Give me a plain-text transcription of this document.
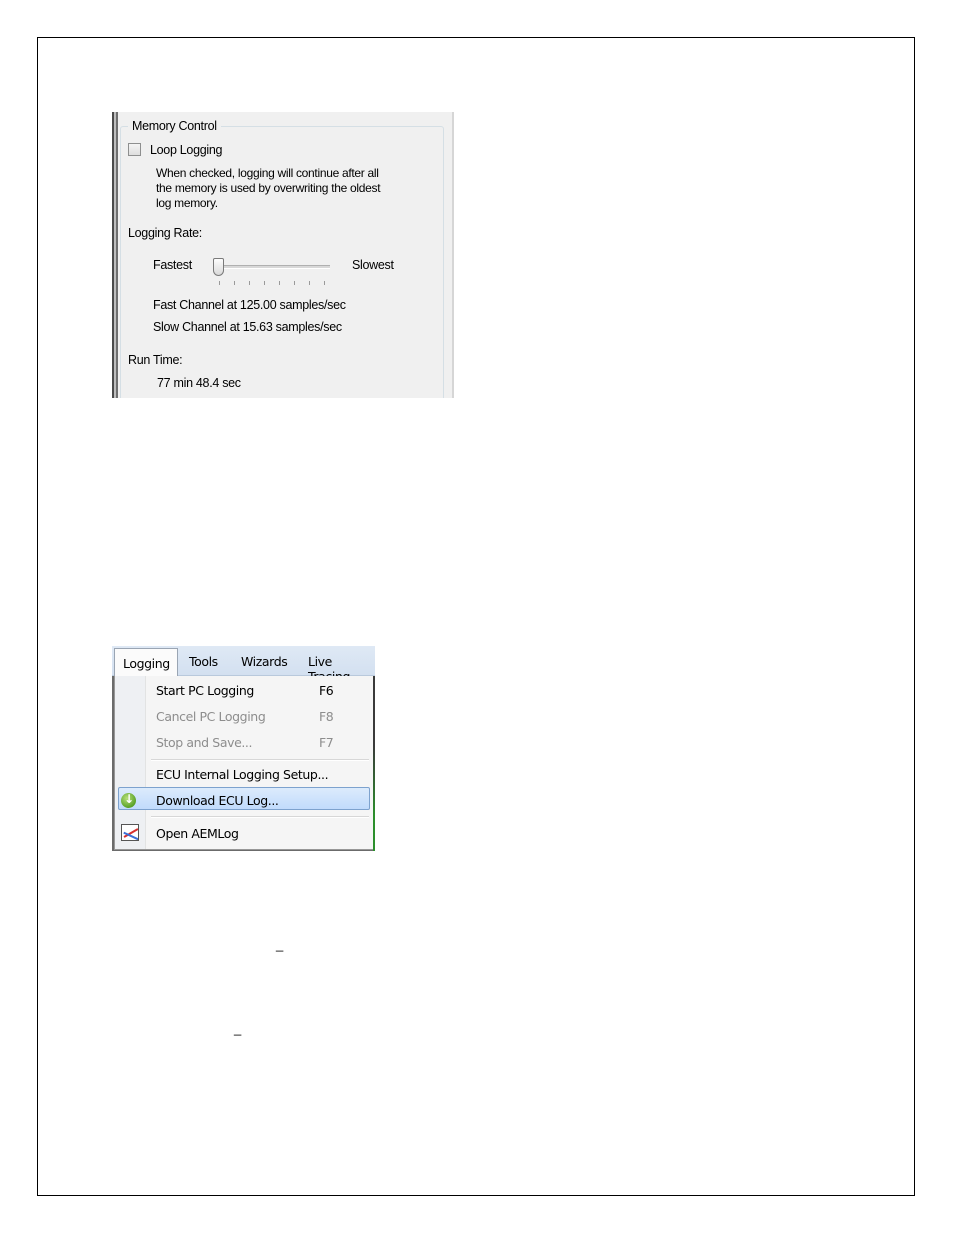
Memory Control
Loop Logging
When checked, logging will continue after all
the memory is used by overwriting the oldest
log memory.
Logging Rate:
Fastest	Slowest
Fast Channel at 125.00 samples/sec
Slow Channel at 15.63 samples/sec
Run Time:
77 min 48.4 sec
Logging Tools Wizards Live
Start PC Logging	F6
Cancel PC Logging	F8
Stop and Save...	F7
ECU Internal Logging Setup...
↓
Download ECU Log...
Open AEMLog
_
_
